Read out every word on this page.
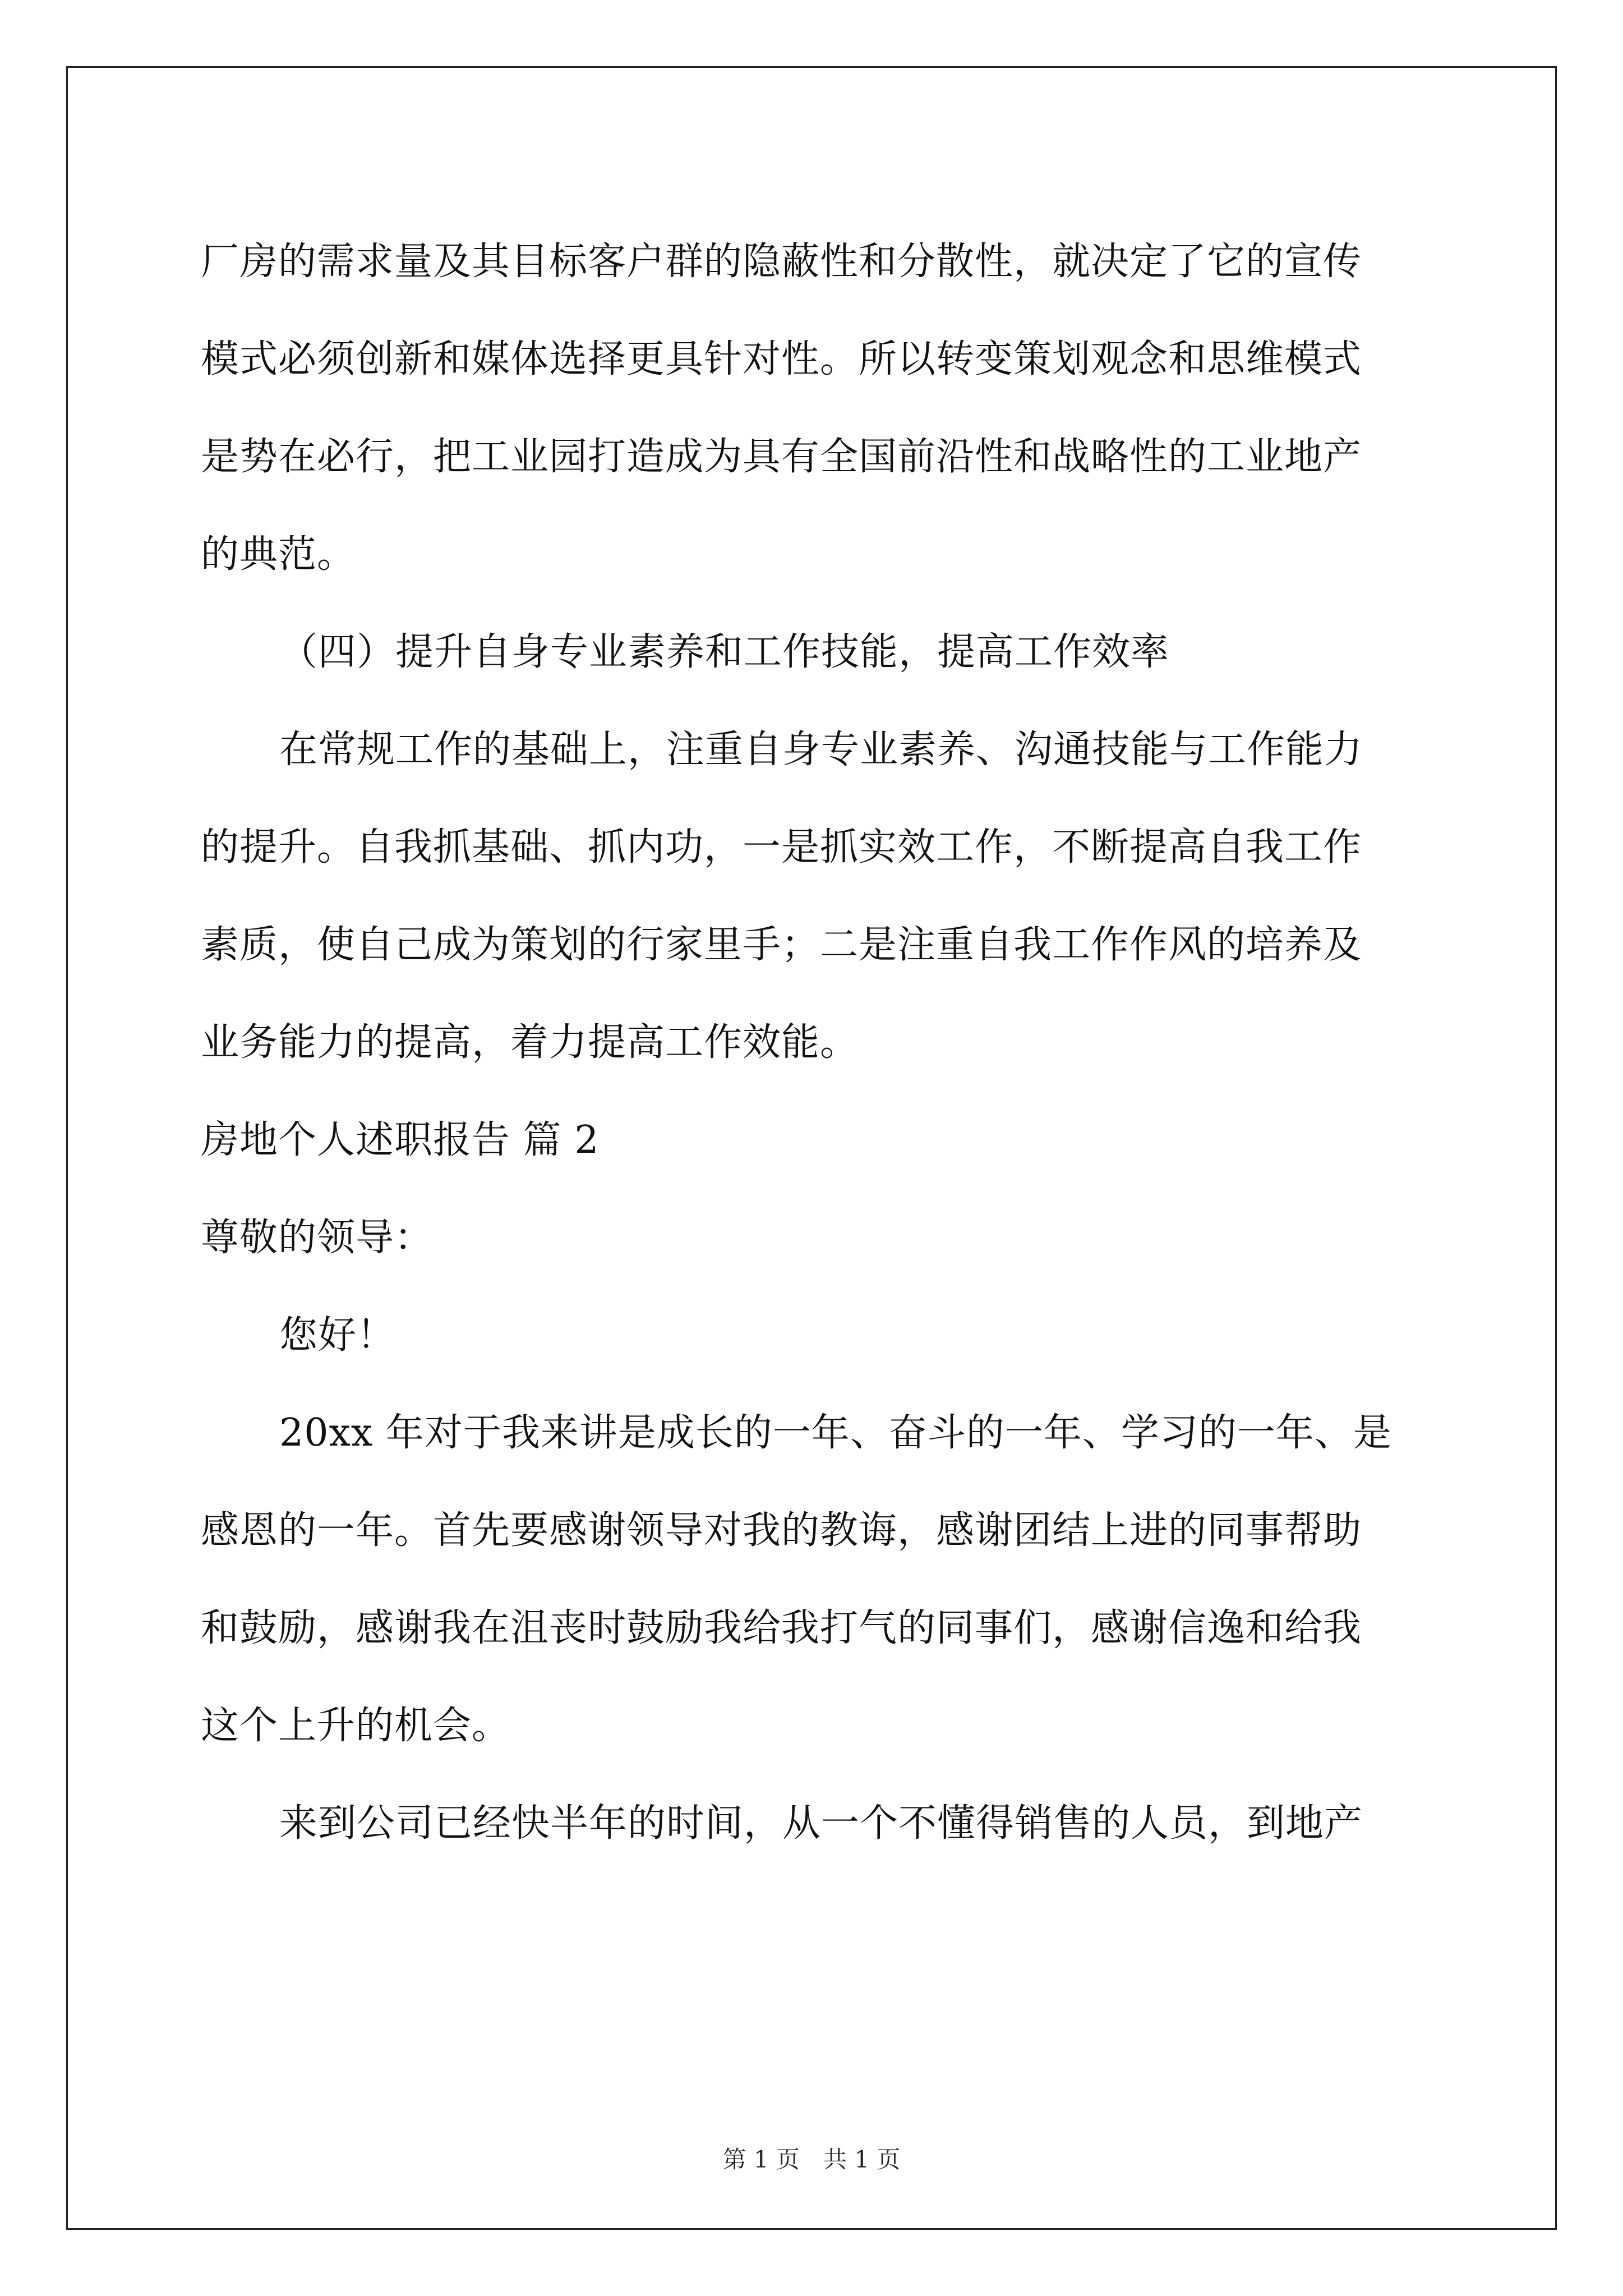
厂房的需求量及其目标客户群的隐蔽性和分散性，就决定了它的宣传
模式必须创新和媒体选择更具针对性。所以转变策划观念和思维模式
是势在必行，把工业园打造成为具有全国前沿性和战略性的工业地产
的典范。
（四）提升自身专业素养和工作技能，提高工作效率
在常规工作的基础上，注重自身专业素养、沟通技能与工作能力
的提升。自我抓基础、抓内功，一是抓实效工作，不断提高自我工作
素质，使自己成为策划的行家里手；二是注重自我工作作风的培养及
业务能力的提高，着力提高工作效能。
房地个人述职报告 篇 2
尊敬的领导：
您好！
20xx 年对于我来讲是成长的一年、奋斗的一年、学习的一年、是
感恩的一年。首先要感谢领导对我的教诲，感谢团结上进的同事帮助
和鼓励，感谢我在沮丧时鼓励我给我打气的同事们，感谢信逸和给我
这个上升的机会。
来到公司已经快半年的时间，从一个不懂得销售的人员，到地产
第 1 页　共 1 页
